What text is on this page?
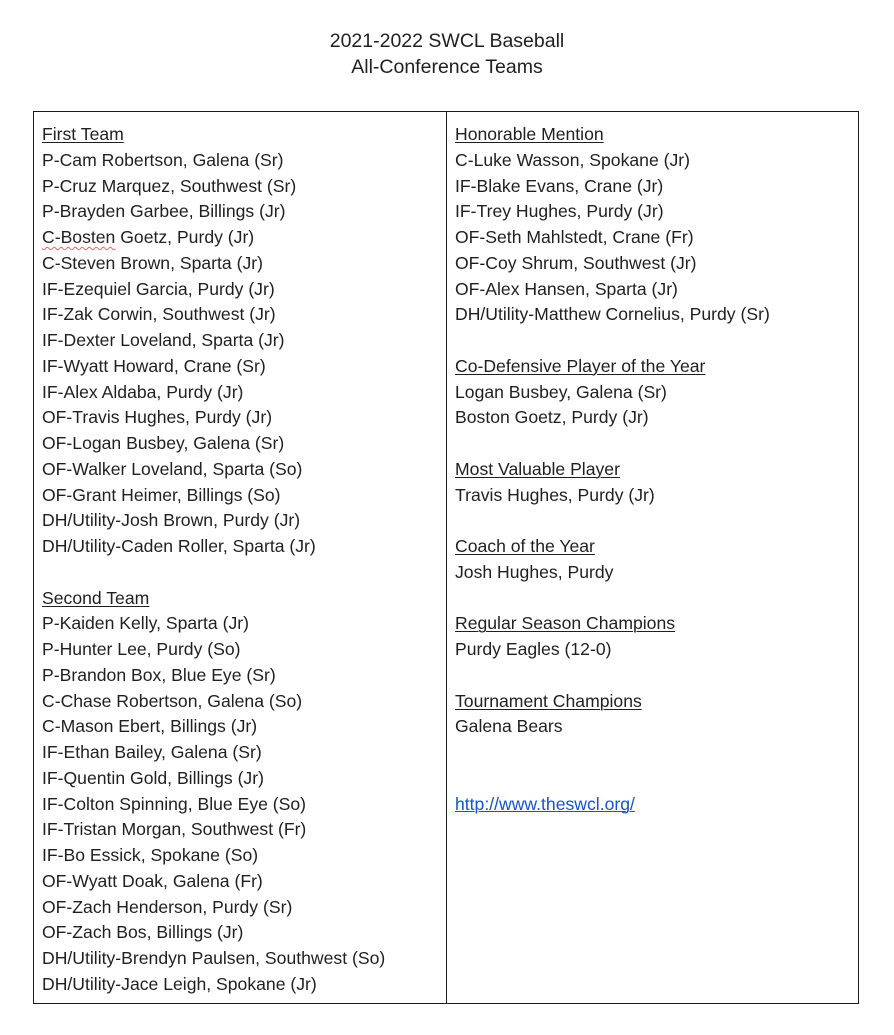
2021-2022 SWCL Baseball
All-Conference Teams
First Team
P-Cam Robertson, Galena (Sr)
P-Cruz Marquez, Southwest (Sr)
P-Brayden Garbee, Billings (Jr)
C-Bosten Goetz, Purdy (Jr)
C-Steven Brown, Sparta (Jr)
IF-Ezequiel Garcia, Purdy (Jr)
IF-Zak Corwin, Southwest (Jr)
IF-Dexter Loveland, Sparta (Jr)
IF-Wyatt Howard, Crane (Sr)
IF-Alex Aldaba, Purdy (Jr)
OF-Travis Hughes, Purdy (Jr)
OF-Logan Busbey, Galena (Sr)
OF-Walker Loveland, Sparta (So)
OF-Grant Heimer, Billings (So)
DH/Utility-Josh Brown, Purdy (Jr)
DH/Utility-Caden Roller, Sparta (Jr)
Second Team
P-Kaiden Kelly, Sparta (Jr)
P-Hunter Lee, Purdy (So)
P-Brandon Box, Blue Eye (Sr)
C-Chase Robertson, Galena (So)
C-Mason Ebert, Billings (Jr)
IF-Ethan Bailey, Galena (Sr)
IF-Quentin Gold, Billings (Jr)
IF-Colton Spinning, Blue Eye (So)
IF-Tristan Morgan, Southwest (Fr)
IF-Bo Essick, Spokane (So)
OF-Wyatt Doak, Galena (Fr)
OF-Zach Henderson, Purdy (Sr)
OF-Zach Bos, Billings (Jr)
DH/Utility-Brendyn Paulsen, Southwest (So)
DH/Utility-Jace Leigh, Spokane (Jr)
Honorable Mention
C-Luke Wasson, Spokane (Jr)
IF-Blake Evans, Crane (Jr)
IF-Trey Hughes, Purdy (Jr)
OF-Seth Mahlstedt, Crane (Fr)
OF-Coy Shrum, Southwest (Jr)
OF-Alex Hansen, Sparta (Jr)
DH/Utility-Matthew Cornelius, Purdy (Sr)
Co-Defensive Player of the Year
Logan Busbey, Galena (Sr)
Boston Goetz, Purdy (Jr)
Most Valuable Player
Travis Hughes, Purdy (Jr)
Coach of the Year
Josh Hughes, Purdy
Regular Season Champions
Purdy Eagles (12-0)
Tournament Champions
Galena Bears
http://www.theswcl.org/
